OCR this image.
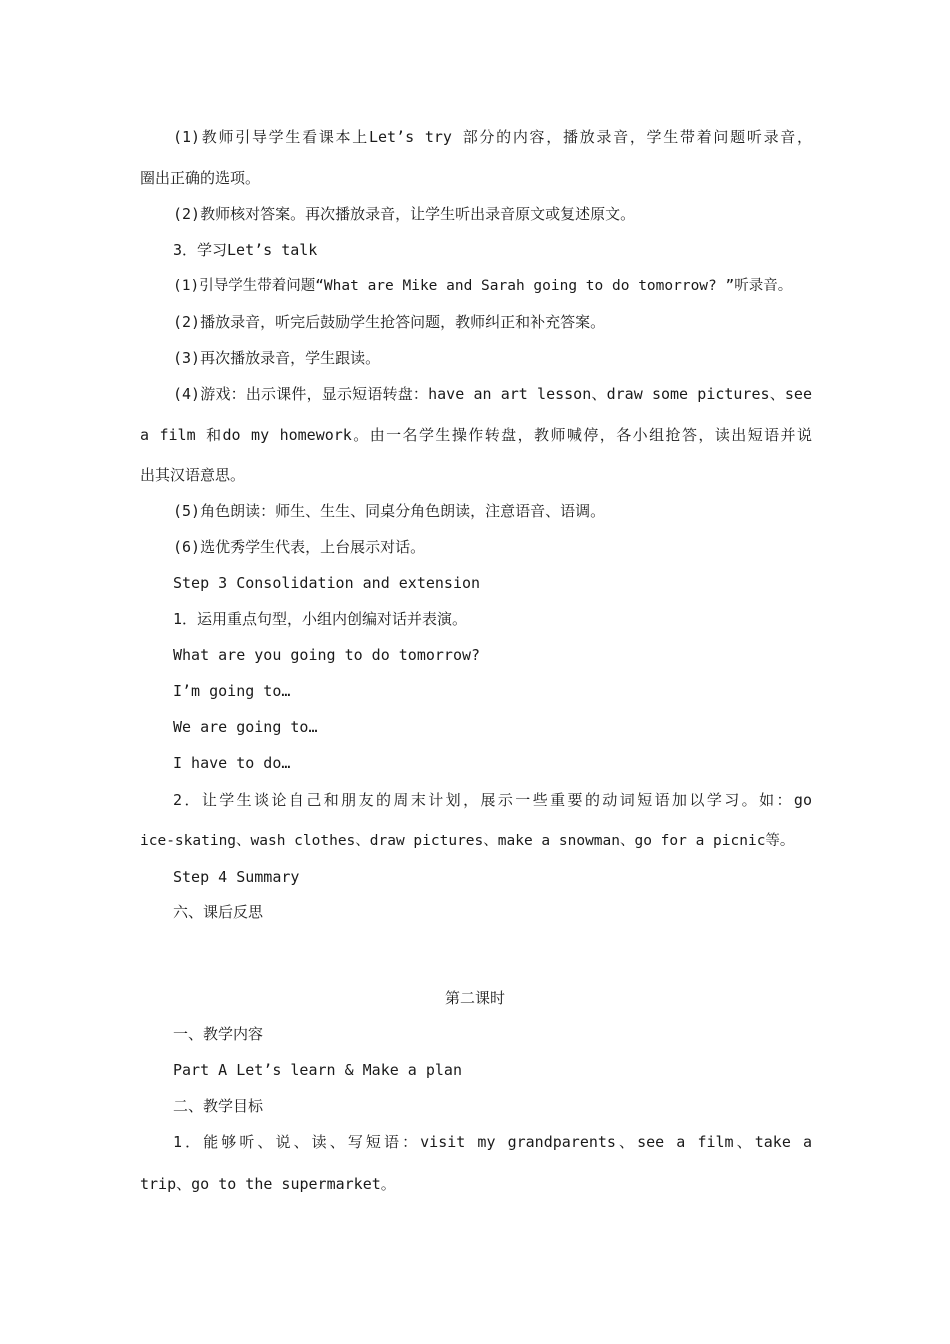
(1)教师引导学生看课本上Let’s try 部分的内容，播放录音，学生带着问题听录音，
圈出正确的选项。
(2)教师核对答案。再次播放录音，让学生听出录音原文或复述原文。
3．学习Let’s talk
(1)引导学生带着问题“What are Mike and Sarah going to do tomorrow? ”听录音。
(2)播放录音，听完后鼓励学生抢答问题，教师纠正和补充答案。
(3)再次播放录音，学生跟读。
(4)游戏：出示课件，显示短语转盘：have an art lesson、draw some pictures、see
a film 和do my homework。由一名学生操作转盘，教师喊停，各小组抢答，读出短语并说
出其汉语意思。
(5)角色朗读：师生、生生、同桌分角色朗读，注意语音、语调。
(6)选优秀学生代表，上台展示对话。
Step 3 Consolidation and extension
1．运用重点句型，小组内创编对话并表演。
What are you going to do tomorrow?
I’m going to…
We are going to…
I have to do…
2．让学生谈论自己和朋友的周末计划，展示一些重要的动词短语加以学习。如：go
ice-skating、wash clothes、draw pictures、make a snowman、go for a picnic等。
Step 4 Summary
六、课后反思
第二课时
一、教学内容
Part A Let’s learn & Make a plan
二、教学目标
1．能够听、说、读、写短语：visit my grandparents、see a film、take a
trip、go to the supermarket。
